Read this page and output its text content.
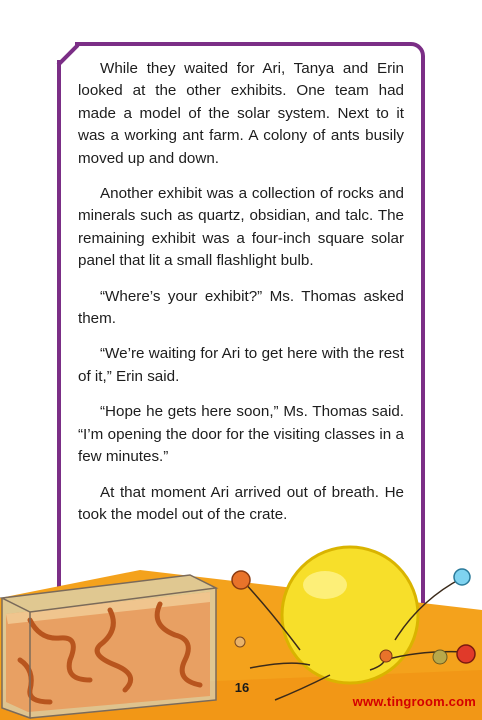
While they waited for Ari, Tanya and Erin looked at the other exhibits. One team had made a model of the solar system. Next to it was a working ant farm. A colony of ants busily moved up and down.

Another exhibit was a collection of rocks and minerals such as quartz, obsidian, and talc. The remaining exhibit was a four-inch square solar panel that lit a small flashlight bulb.

“Where’s your exhibit?” Ms. Thomas asked them.

“We’re waiting for Ari to get here with the rest of it,” Erin said.

“Hope he gets here soon,” Ms. Thomas said. “I’m opening the door for the visiting classes in a few minutes.”

At that moment Ari arrived out of breath. He took the model out of the crate.

16
www.tingroom.com
